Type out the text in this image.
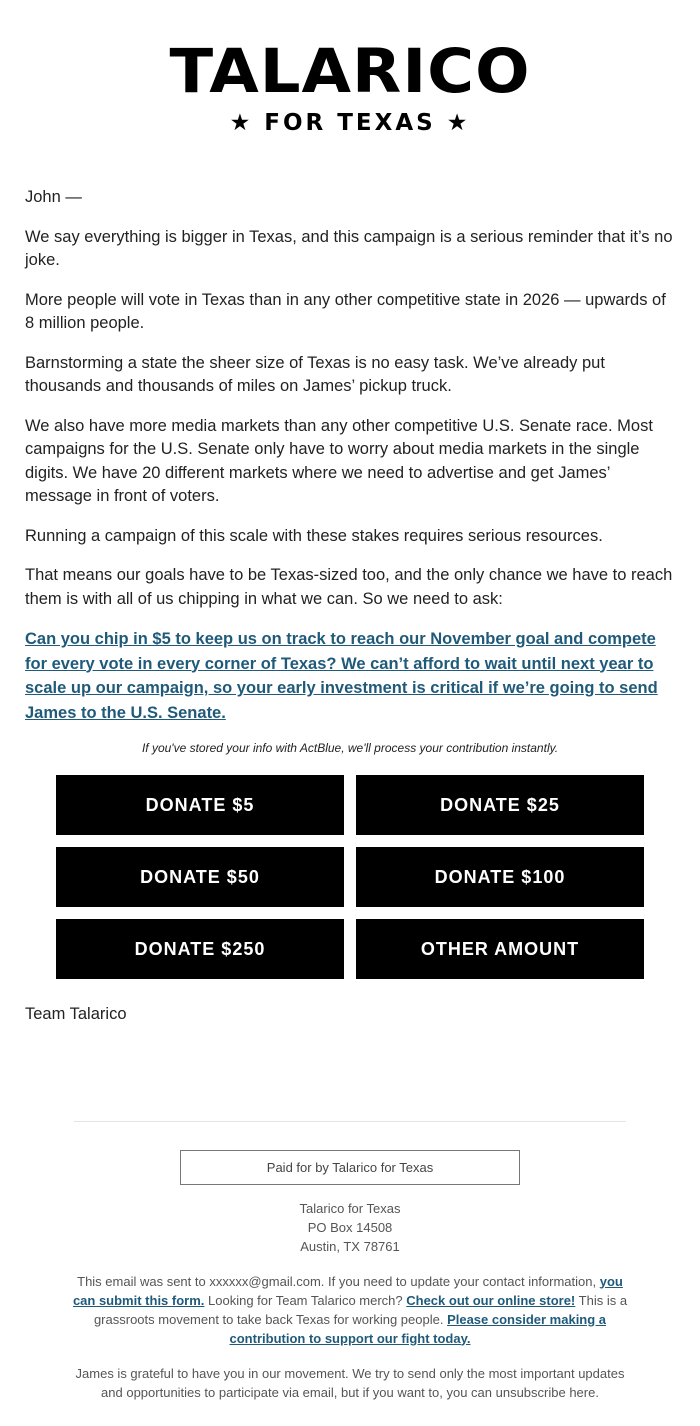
TALARICO
★ FOR TEXAS ★

John —

We say everything is bigger in Texas, and this campaign is a serious reminder that it’s no joke.

More people will vote in Texas than in any other competitive state in 2026 — upwards of 8 million people.

Barnstorming a state the sheer size of Texas is no easy task. We’ve already put thousands and thousands of miles on James’ pickup truck.

We also have more media markets than any other competitive U.S. Senate race. Most campaigns for the U.S. Senate only have to worry about media markets in the single digits. We have 20 different markets where we need to advertise and get James’ message in front of voters.

Running a campaign of this scale with these stakes requires serious resources.

That means our goals have to be Texas-sized too, and the only chance we have to reach them is with all of us chipping in what we can. So we need to ask:

Can you chip in $5 to keep us on track to reach our November goal and compete for every vote in every corner of Texas? We can’t afford to wait until next year to scale up our campaign, so your early investment is critical if we’re going to send James to the U.S. Senate.
If you've stored your info with ActBlue, we'll process your contribution instantly.
DONATE $5	DONATE $25
DONATE $50	DONATE $100
DONATE $250	OTHER AMOUNT

Team Talarico

Paid for by Talarico for Texas
Talarico for Texas
PO Box 14508
Austin, TX 78761

This email was sent to xxxxxx@gmail.com. If you need to update your contact information, you can submit this form. Looking for Team Talarico merch? Check out our online store! This is a grassroots movement to take back Texas for working people. Please consider making a contribution to support our fight today.

James is grateful to have you in our movement. We try to send only the most important updates and opportunities to participate via email, but if you want to, you can unsubscribe here.
